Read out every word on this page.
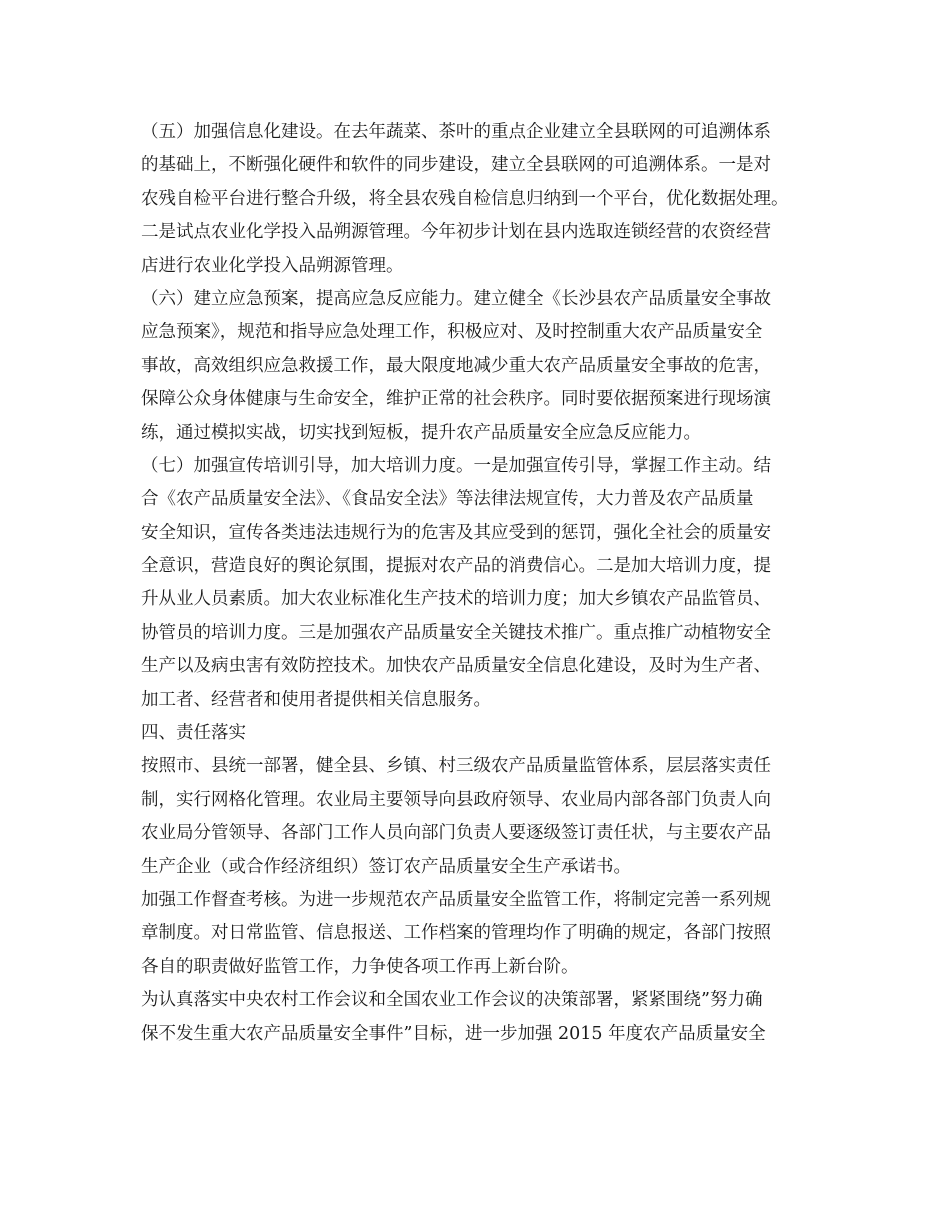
（五）加强信息化建设。在去年蔬菜、茶叶的重点企业建立全县联网的可追溯体系
的基础上，不断强化硬件和软件的同步建设，建立全县联网的可追溯体系。一是对
农残自检平台进行整合升级，将全县农残自检信息归纳到一个平台，优化数据处理。
二是试点农业化学投入品朔源管理。今年初步计划在县内选取连锁经营的农资经营
店进行农业化学投入品朔源管理。
（六）建立应急预案，提高应急反应能力。建立健全《长沙县农产品质量安全事故
应急预案》，规范和指导应急处理工作，积极应对、及时控制重大农产品质量安全
事故，高效组织应急救援工作，最大限度地减少重大农产品质量安全事故的危害，
保障公众身体健康与生命安全，维护正常的社会秩序。同时要依据预案进行现场演
练，通过模拟实战，切实找到短板，提升农产品质量安全应急反应能力。
（七）加强宣传培训引导，加大培训力度。一是加强宣传引导，掌握工作主动。结
合《农产品质量安全法》、《食品安全法》等法律法规宣传，大力普及农产品质量
安全知识，宣传各类违法违规行为的危害及其应受到的惩罚，强化全社会的质量安
全意识，营造良好的舆论氛围，提振对农产品的消费信心。二是加大培训力度，提
升从业人员素质。加大农业标准化生产技术的培训力度；加大乡镇农产品监管员、
协管员的培训力度。三是加强农产品质量安全关键技术推广。重点推广动植物安全
生产以及病虫害有效防控技术。加快农产品质量安全信息化建设，及时为生产者、
加工者、经营者和使用者提供相关信息服务。
四、责任落实
按照市、县统一部署，健全县、乡镇、村三级农产品质量监管体系，层层落实责任
制，实行网格化管理。农业局主要领导向县政府领导、农业局内部各部门负责人向
农业局分管领导、各部门工作人员向部门负责人要逐级签订责任状，与主要农产品
生产企业（或合作经济组织）签订农产品质量安全生产承诺书。
加强工作督查考核。为进一步规范农产品质量安全监管工作，将制定完善一系列规
章制度。对日常监管、信息报送、工作档案的管理均作了明确的规定，各部门按照
各自的职责做好监管工作，力争使各项工作再上新台阶。
为认真落实中央农村工作会议和全国农业工作会议的决策部署，紧紧围绕”努力确
保不发生重大农产品质量安全事件”目标，进一步加强 2015 年度农产品质量安全
